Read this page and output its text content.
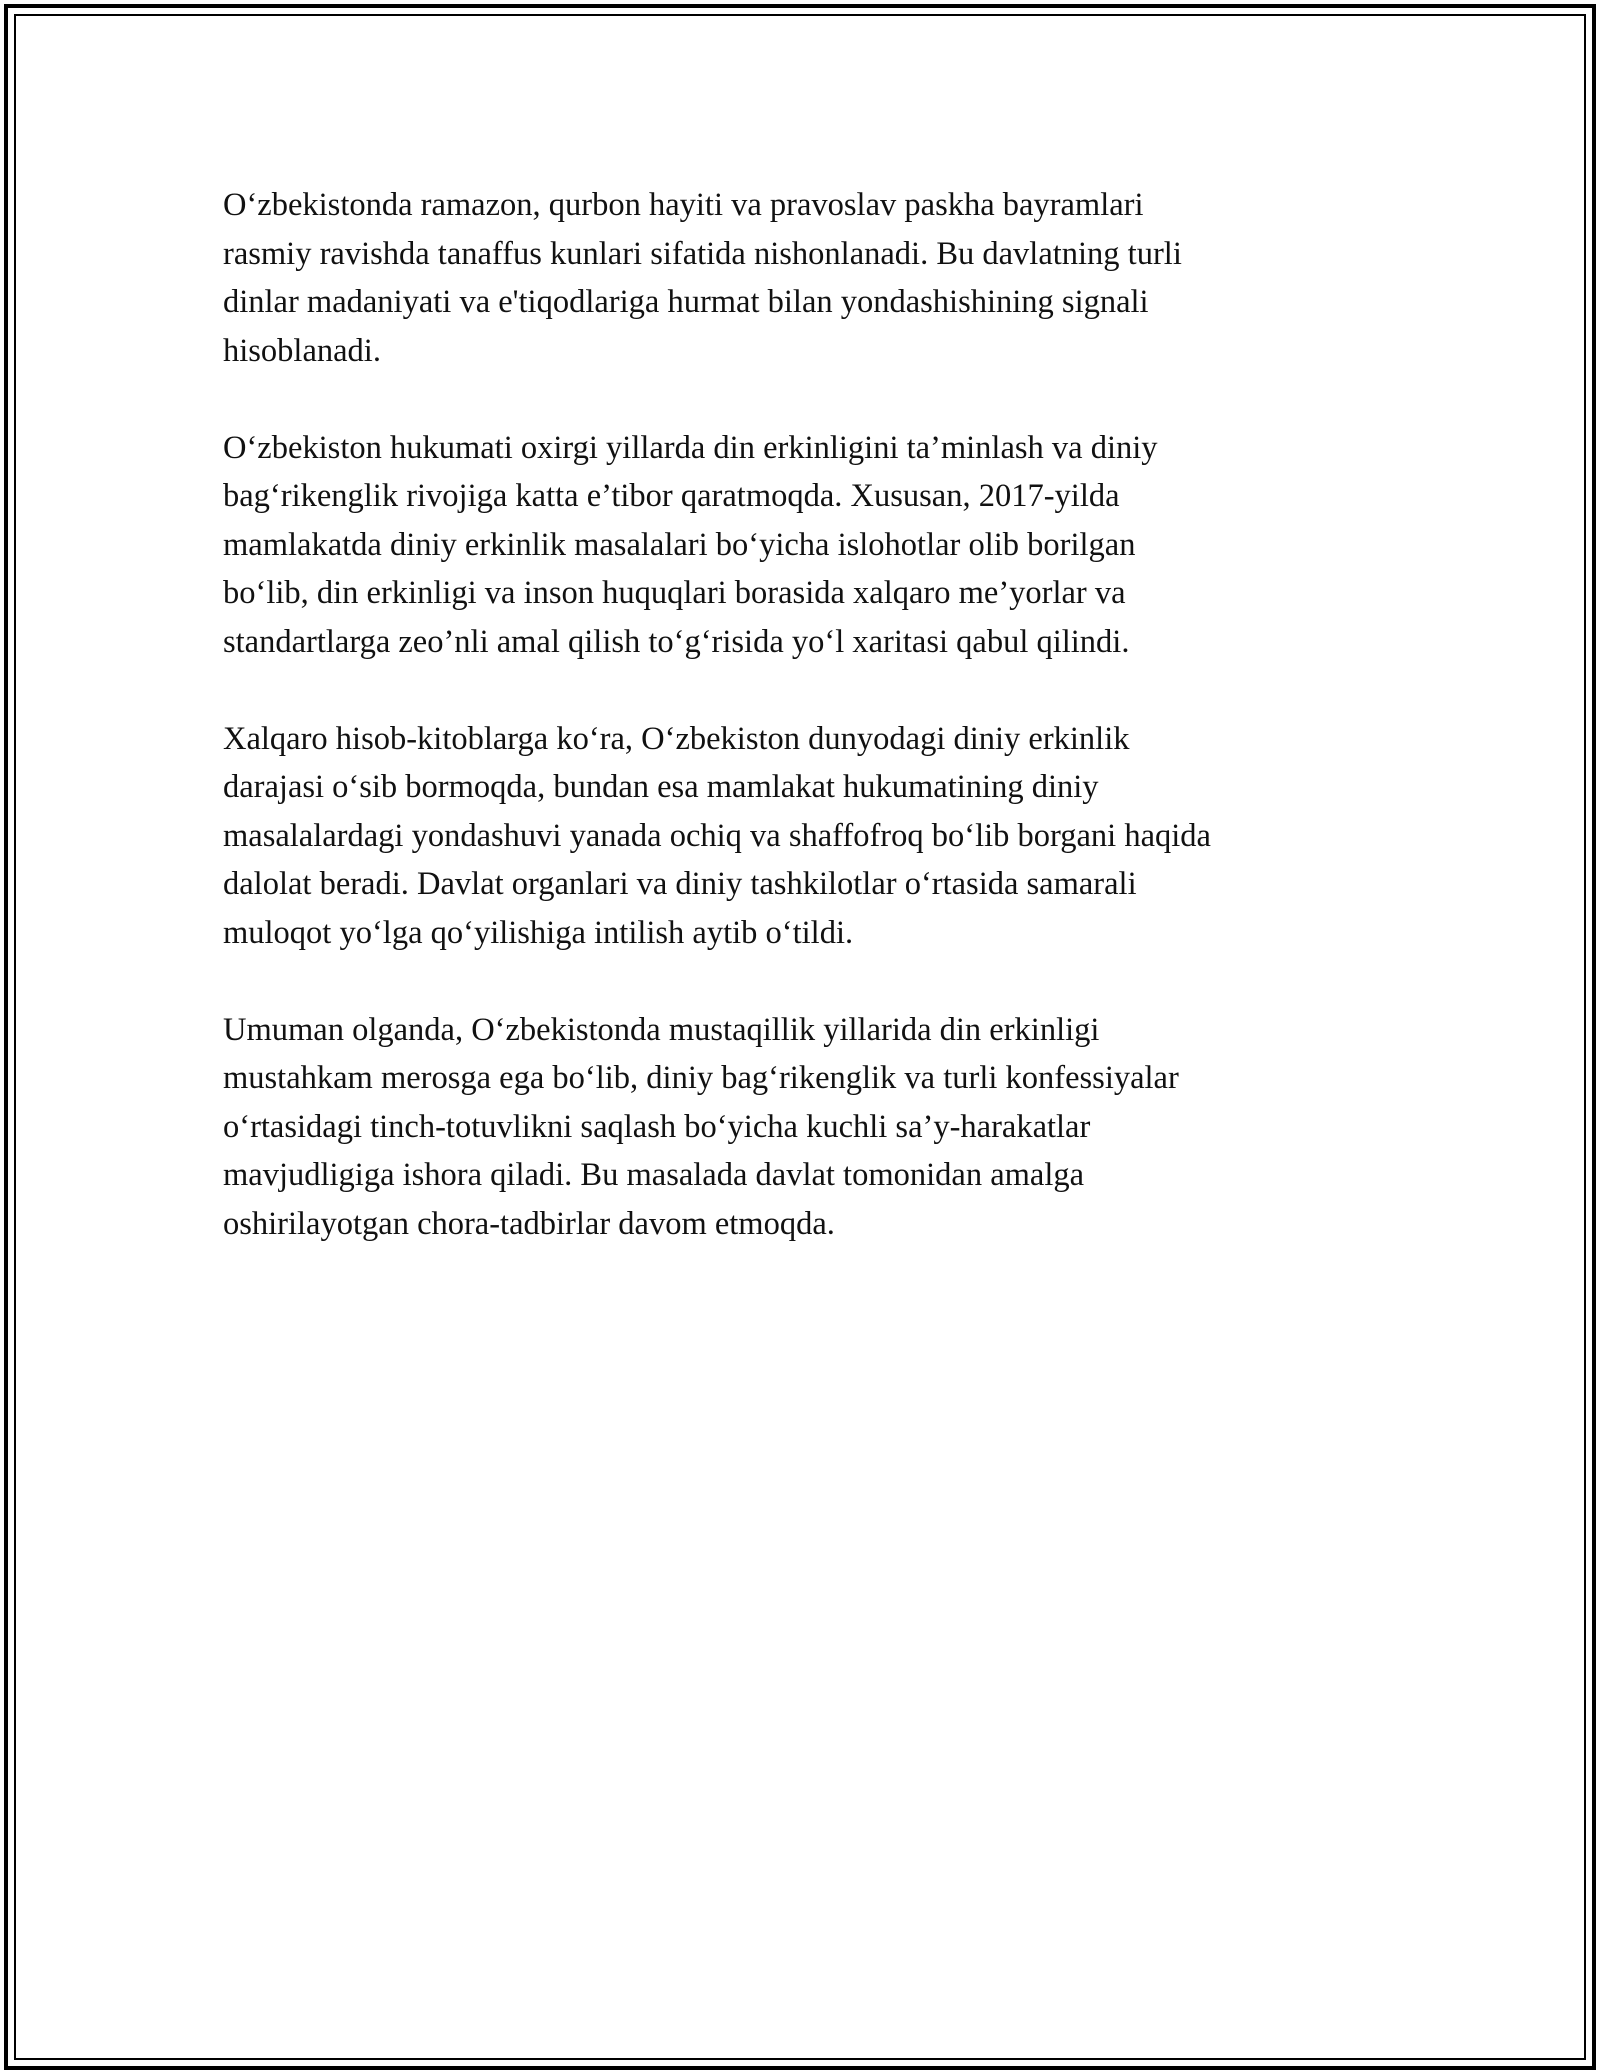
O‘zbekistonda ramazon, qurbon hayiti va pravoslav paskha bayramlari
rasmiy ravishda tanaffus kunlari sifatida nishonlanadi. Bu davlatning turli
dinlar madaniyati va e'tiqodlariga hurmat bilan yondashishining signali
hisoblanadi.

O‘zbekiston hukumati oxirgi yillarda din erkinligini ta’minlash va diniy
bag‘rikenglik rivojiga katta e’tibor qaratmoqda. Xususan, 2017-yilda
mamlakatda diniy erkinlik masalalari bo‘yicha islohotlar olib borilgan
bo‘lib, din erkinligi va inson huquqlari borasida xalqaro me’yorlar va
standartlarga zeo’nli amal qilish to‘g‘risida yo‘l xaritasi qabul qilindi.

Xalqaro hisob-kitoblarga ko‘ra, O‘zbekiston dunyodagi diniy erkinlik
darajasi o‘sib bormoqda, bundan esa mamlakat hukumatining diniy
masalalardagi yondashuvi yanada ochiq va shaffofroq bo‘lib borgani haqida
dalolat beradi. Davlat organlari va diniy tashkilotlar o‘rtasida samarali
muloqot yo‘lga qo‘yilishiga intilish aytib o‘tildi.

Umuman olganda, O‘zbekistonda mustaqillik yillarida din erkinligi
mustahkam merosga ega bo‘lib, diniy bag‘rikenglik va turli konfessiyalar
o‘rtasidagi tinch-totuvlikni saqlash bo‘yicha kuchli sa’y-harakatlar
mavjudligiga ishora qiladi. Bu masalada davlat tomonidan amalga
oshirilayotgan chora-tadbirlar davom etmoqda.
